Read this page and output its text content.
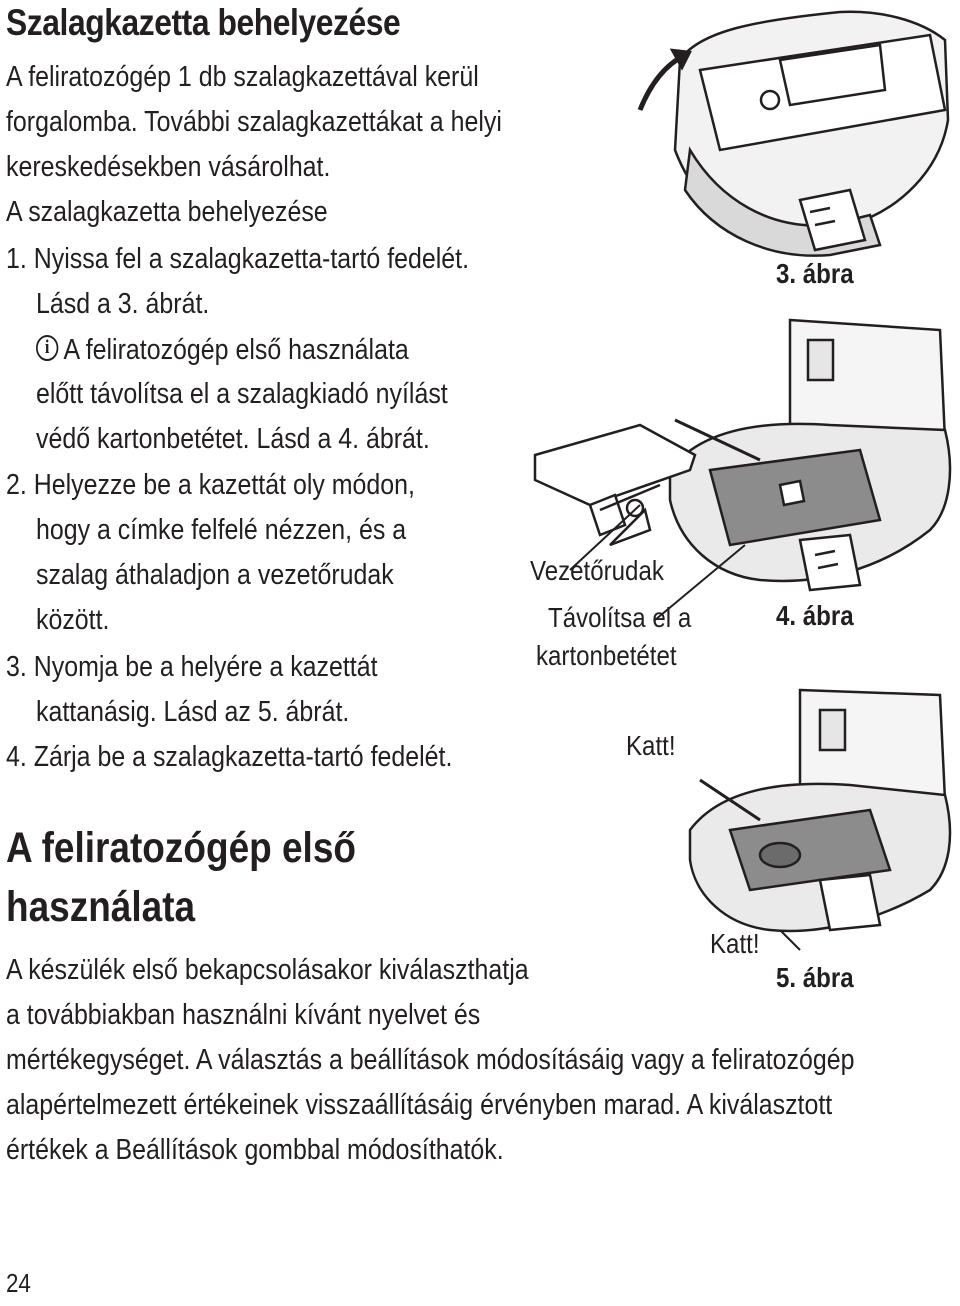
Szalagkazetta behelyezése
A feliratozógép 1 db szalagkazettával kerül
forgalomba. További szalagkazettákat a helyi
kereskedésekben vásárolhat.
A szalagkazetta behelyezése
1. Nyissa fel a szalagkazetta-tartó fedelét.
Lásd a 3. ábrát.
i A feliratozógép első használata
előtt távolítsa el a szalagkiadó nyílást
védő kartonbetétet. Lásd a 4. ábrát.
2. Helyezze be a kazettát oly módon,
hogy a címke felfelé nézzen, és a
szalag áthaladjon a vezetőrudak
között.
3. Nyomja be a helyére a kazettát
kattanásig. Lásd az 5. ábrát.
4. Zárja be a szalagkazetta-tartó fedelét.
A feliratozógép első
használata
A készülék első bekapcsolásakor kiválaszthatja
a továbbiakban használni kívánt nyelvet és
mértékegységet. A választás a beállítások módosításáig vagy a feliratozógép
alapértelmezett értékeinek visszaállításáig érvényben marad. A kiválasztott
értékek a Beállítások gombbal módosíthatók.
3. ábra
Vezetőrudak
Távolítsa el a
kartonbetétet
4. ábra
Katt!
Katt!
5. ábra
24
